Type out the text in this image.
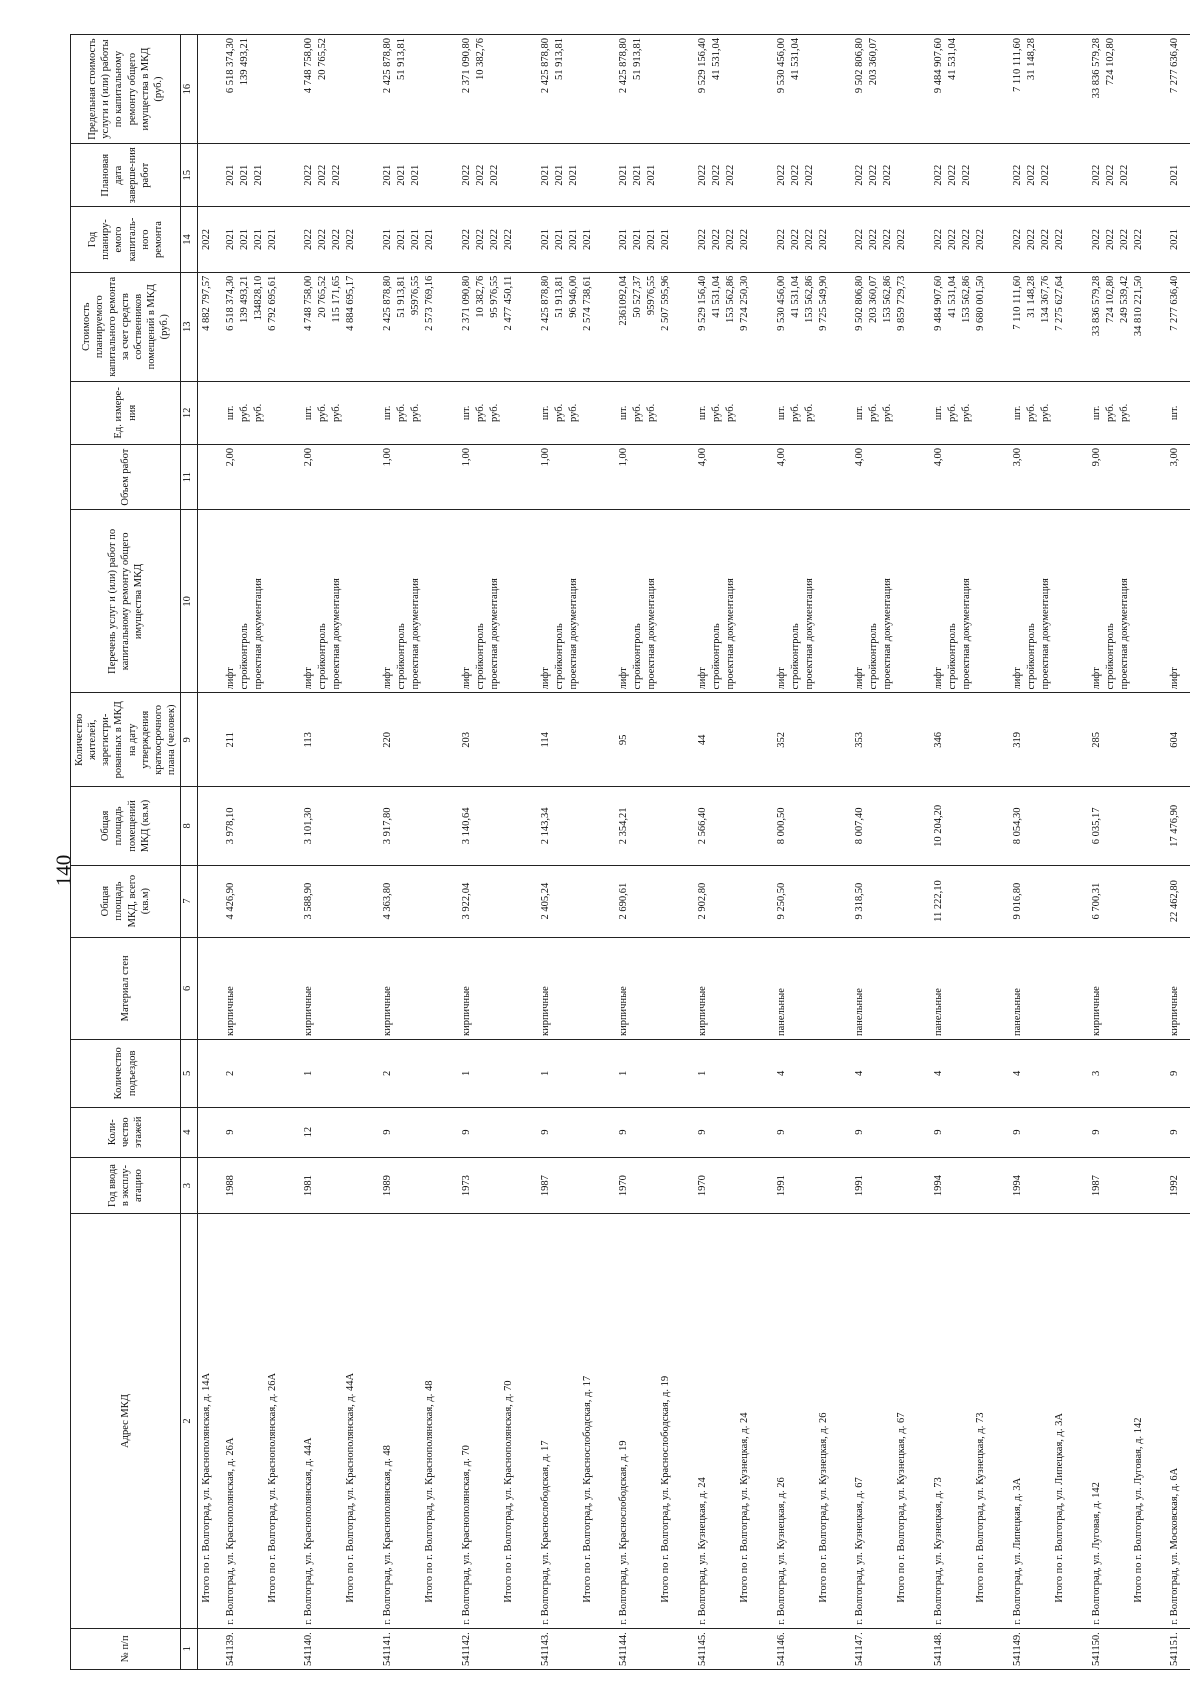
140
№ п/п	Адрес МКД	Год ввода в эксплу-атацию	Коли-чество этажей	Количество подъездов	Материал стен	Общая площадь МКД, всего (кв.м)	Общая площадь помещений МКД (кв.м)	Количество жителей, зарегистри-рованных в МКД на дату утверждения краткосрочного плана (человек)	Перечень услуг и (или) работ по капитальному ремонту общего имущества МКД	Объем работ	Ед. измере-ния	Стоимость планируемого капитального ремонта за счет средств собственников помещений в МКД (руб.)	Год планиру-емого капиталь-ного ремонта	Плановая дата заверше-ния работ	Предельная стоимость услуги и (или) работы по капитальному ремонту общего имущества в МКД (руб.)
1	2	3	4	5	6	7	8	9	10	11	12	13	14	15	16

	Итого по г. Волгоград, ул. Краснополянская, д. 14А											4 882 797,57	2022		

541139.	г. Волгоград, ул. Краснополянская, д. 26А Итого по г. Волгоград, ул. Краснополянская, д. 26А	1988	9	2	кирпичные	4 426,90	3 978,10	211	лифт стройконтроль проектная документация	2,00	шт. руб. руб.	6 518 374,30 139 493,21 134828,10 6 792 695,61	2021 2021 2021 2021	2021 2021 2021	6 518 374,30 139 493,21

541140.	г. Волгоград, ул. Краснополянская, д. 44А Итого по г. Волгоград, ул. Краснополянская, д. 44А	1981	12	1	кирпичные	3 588,90	3 101,30	113	лифт стройконтроль проектная документация	2,00	шт. руб. руб.	4 748 758,00 20 765,52 115 171,65 4 884 695,17	2022 2022 2022 2022	2022 2022 2022	4 748 758,00 20 765,52

541141.	г. Волгоград, ул. Краснополянская, д. 48 Итого по г. Волгоград, ул. Краснополянская, д. 48	1989	9	2	кирпичные	4 363,80	3 917,80	220	лифт стройконтроль проектная документация	1,00	шт. руб. руб.	2 425 878,80 51 913,81 95976,55 2 573 769,16	2021 2021 2021 2021	2021 2021 2021	2 425 878,80 51 913,81

541142.	г. Волгоград, ул. Краснополянская, д. 70 Итого по г. Волгоград, ул. Краснополянская, д. 70	1973	9	1	кирпичные	3 922,04	3 140,64	203	лифт стройконтроль проектная документация	1,00	шт. руб. руб.	2 371 090,80 10 382,76 95 976,55 2 477 450,11	2022 2022 2022 2022	2022 2022 2022	2 371 090,80 10 382,76

541143.	г. Волгоград, ул. Краснослободская, д. 17 Итого по г. Волгоград, ул. Краснослободская, д. 17	1987	9	1	кирпичные	2 405,24	2 143,34	114	лифт стройконтроль проектная документация	1,00	шт. руб. руб.	2 425 878,80 51 913,81 96 946,00 2 574 738,61	2021 2021 2021 2021	2021 2021 2021	2 425 878,80 51 913,81

541144.	г. Волгоград, ул. Краснослободская, д. 19 Итого по г. Волгоград, ул. Краснослободская, д. 19	1970	9	1	кирпичные	2 690,61	2 354,21	95	лифт стройконтроль проектная документация	1,00	шт. руб. руб.	2361092,04 50 527,37 95976,55 2 507 595,96	2021 2021 2021 2021	2021 2021 2021	2 425 878,80 51 913,81

541145.	г. Волгоград, ул. Кузнецкая, д. 24 Итого по г. Волгоград, ул. Кузнецкая, д. 24	1970	9	1	кирпичные	2 902,80	2 566,40	44	лифт стройконтроль проектная документация	4,00	шт. руб. руб.	9 529 156,40 41 531,04 153 562,86 9 724 250,30	2022 2022 2022 2022	2022 2022 2022	9 529 156,40 41 531,04

541146.	г. Волгоград, ул. Кузнецкая, д. 26 Итого по г. Волгоград, ул. Кузнецкая, д. 26	1991	9	4	панельные	9 250,50	8 000,50	352	лифт стройконтроль проектная документация	4,00	шт. руб. руб.	9 530 456,00 41 531,04 153 562,86 9 725 549,90	2022 2022 2022 2022	2022 2022 2022	9 530 456,00 41 531,04

541147.	г. Волгоград, ул. Кузнецкая, д. 67 Итого по г. Волгоград, ул. Кузнецкая, д. 67	1991	9	4	панельные	9 318,50	8 007,40	353	лифт стройконтроль проектная документация	4,00	шт. руб. руб.	9 502 806,80 203 360,07 153 562,86 9 859 729,73	2022 2022 2022 2022	2022 2022 2022	9 502 806,80 203 360,07

541148.	г. Волгоград, ул. Кузнецкая, д. 73 Итого по г. Волгоград, ул. Кузнецкая, д. 73	1994	9	4	панельные	11 222,10	10 204,20	346	лифт стройконтроль проектная документация	4,00	шт. руб. руб.	9 484 907,60 41 531,04 153 562,86 9 680 001,50	2022 2022 2022 2022	2022 2022 2022	9 484 907,60 41 531,04

541149.	г. Волгоград, ул. Липецкая, д. 3А Итого по г. Волгоград, ул. Липецкая, д. 3А	1994	9	4	панельные	9 016,80	8 054,30	319	лифт стройконтроль проектная документация	3,00	шт. руб. руб.	7 110 111,60 31 148,28 134 367,76 7 275 627,64	2022 2022 2022 2022	2022 2022 2022	7 110 111,60 31 148,28

541150.	г. Волгоград, ул. Луговая, д. 142 Итого по г. Волгоград, ул. Луговая, д. 142	1987	9	3	кирпичные	6 700,31	6 035,17	285	лифт стройконтроль проектная документация	9,00	шт. руб. руб.	33 836 579,28 724 102,80 249 539,42 34 810 221,50	2022 2022 2022 2022	2022 2022 2022	33 836 579,28 724 102,80

541151.	г. Волгоград, ул. Московская, д. 6А	1992	9	9	кирпичные	22 462,80	17 476,90	604	лифт	3,00	шт.	7 277 636,40	2021	2021	7 277 636,40
